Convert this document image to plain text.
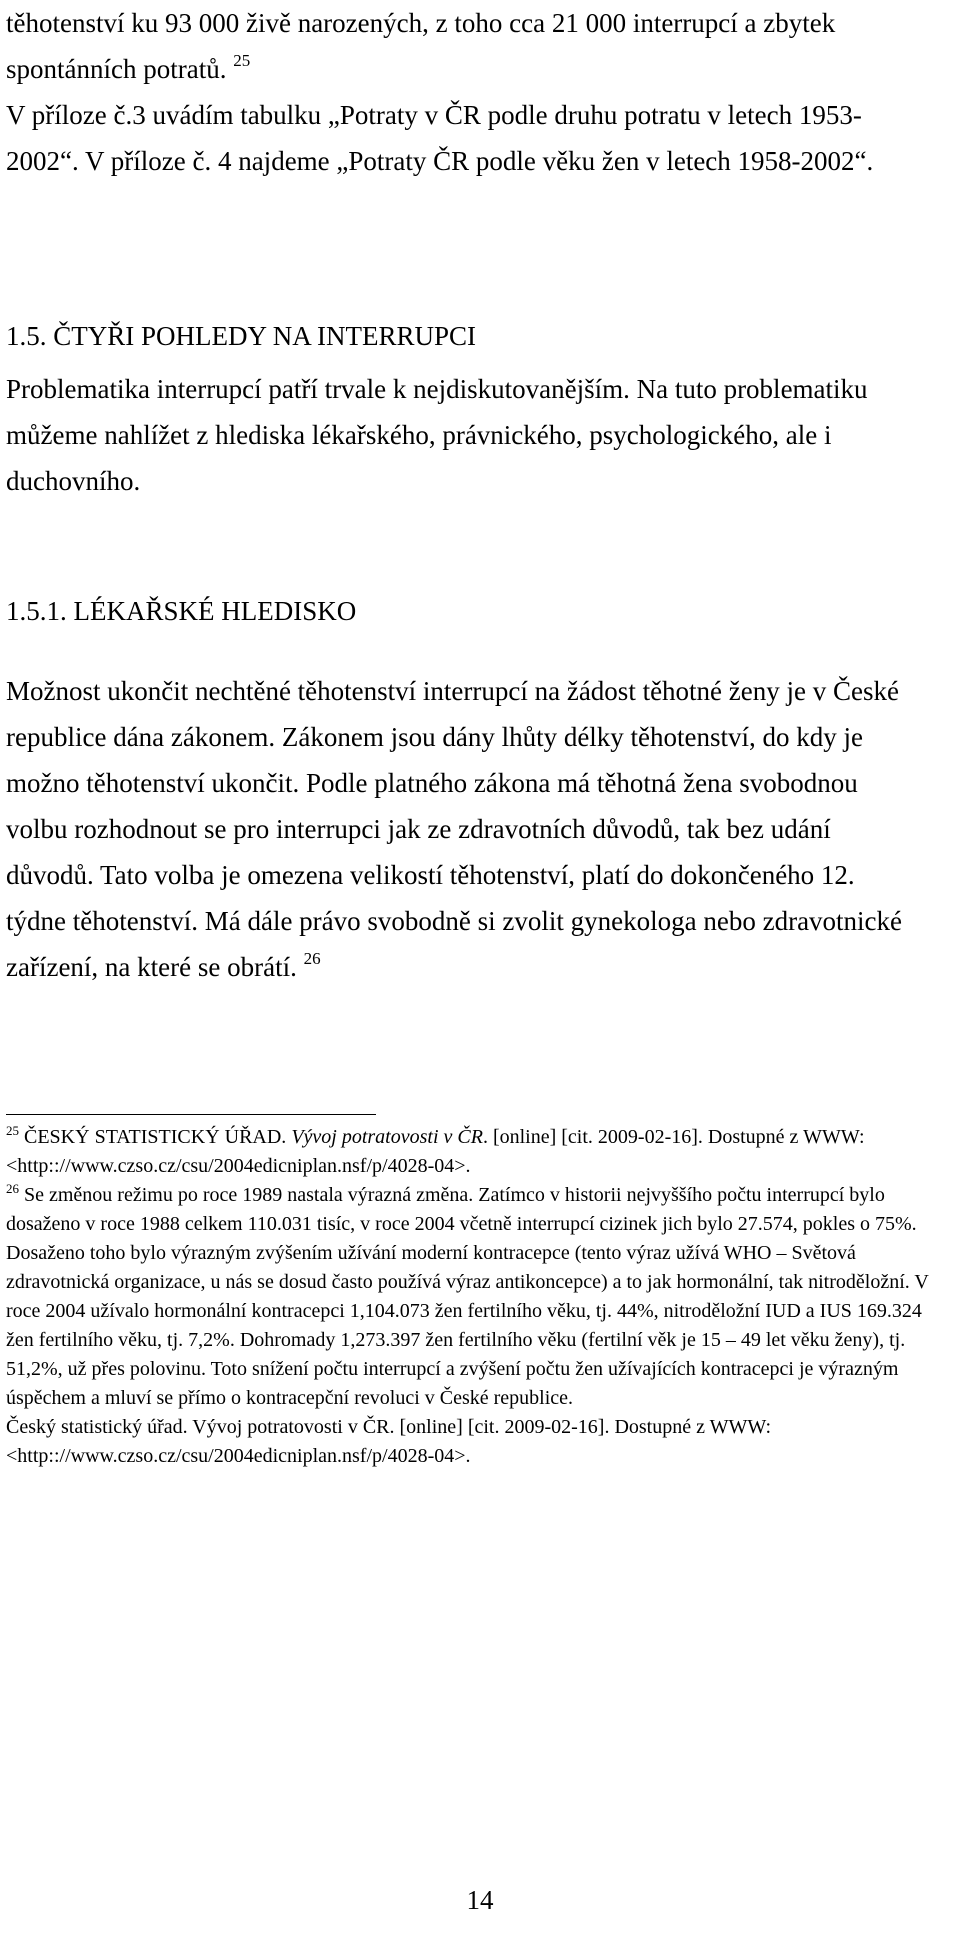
těhotenství ku 93 000 živě narozených, z toho cca 21 000 interrupcí a zbytek spontánních potratů. $^{25}$
V příloze č.3 uvádím tabulku „Potraty v ČR podle druhu potratu v letech 1953-2002“. V příloze č. 4 najdeme „Potraty ČR podle věku žen v letech 1958-2002“.

1.5. ČTYŘI POHLEDY NA INTERRUPCI

Problematika interrupcí patří trvale k nejdiskutovanějším. Na tuto problematiku můžeme nahlížet z hlediska lékařského, právnického, psychologického, ale i duchovního.

1.5.1. LÉKAŘSKÉ HLEDISKO

Možnost ukončit nechtěné těhotenství interrupcí na žádost těhotné ženy je v České republice dána zákonem. Zákonem jsou dány lhůty délky těhotenství, do kdy je možno těhotenství ukončit. Podle platného zákona má těhotná žena svobodnou volbu rozhodnout se pro interrupci jak ze zdravotních důvodů, tak bez udání důvodů. Tato volba je omezena velikostí těhotenství, platí do dokončeného 12. týdne těhotenství. Má dále právo svobodně si zvolit gynekologa nebo zdravotnické zařízení, na které se obrátí. $^{26}$

$^{25}$ ČESKÝ STATISTICKÝ ÚŘAD. Vývoj potratovosti v ČR. [online] [cit. 2009-02-16]. Dostupné z WWW: <http:://www.czso.cz/csu/2004edicniplan.nsf/p/4028-04>.

$^{26}$ Se změnou režimu po roce 1989 nastala výrazná změna. Zatímco v historii nejvyššího počtu interrupcí bylo dosaženo v roce 1988 celkem 110.031 tisíc, v roce 2004 včetně interrupcí cizinek jich bylo 27.574, pokles o 75%. Dosaženo toho bylo výrazným zvýšením užívání moderní kontracepce (tento výraz užívá WHO – Světová zdravotnická organizace, u nás se dosud často používá výraz antikoncepce) a to jak hormonální, tak nitroděložní. V roce 2004 užívalo hormonální kontracepci 1,104.073 žen fertilního věku, tj. 44%, nitroděložní IUD a IUS 169.324 žen fertilního věku, tj. 7,2%. Dohromady 1,273.397 žen fertilního věku (fertilní věk je 15 – 49 let věku ženy), tj. 51,2%, už přes polovinu. Toto snížení počtu interrupcí a zvýšení počtu žen užívajících kontracepci je výrazným úspěchem a mluví se přímo o kontracepční revoluci v České republice.

Český statistický úřad. Vývoj potratovosti v ČR. [online] [cit. 2009-02-16]. Dostupné z WWW: <http:://www.czso.cz/csu/2004edicniplan.nsf/p/4028-04>.

14
